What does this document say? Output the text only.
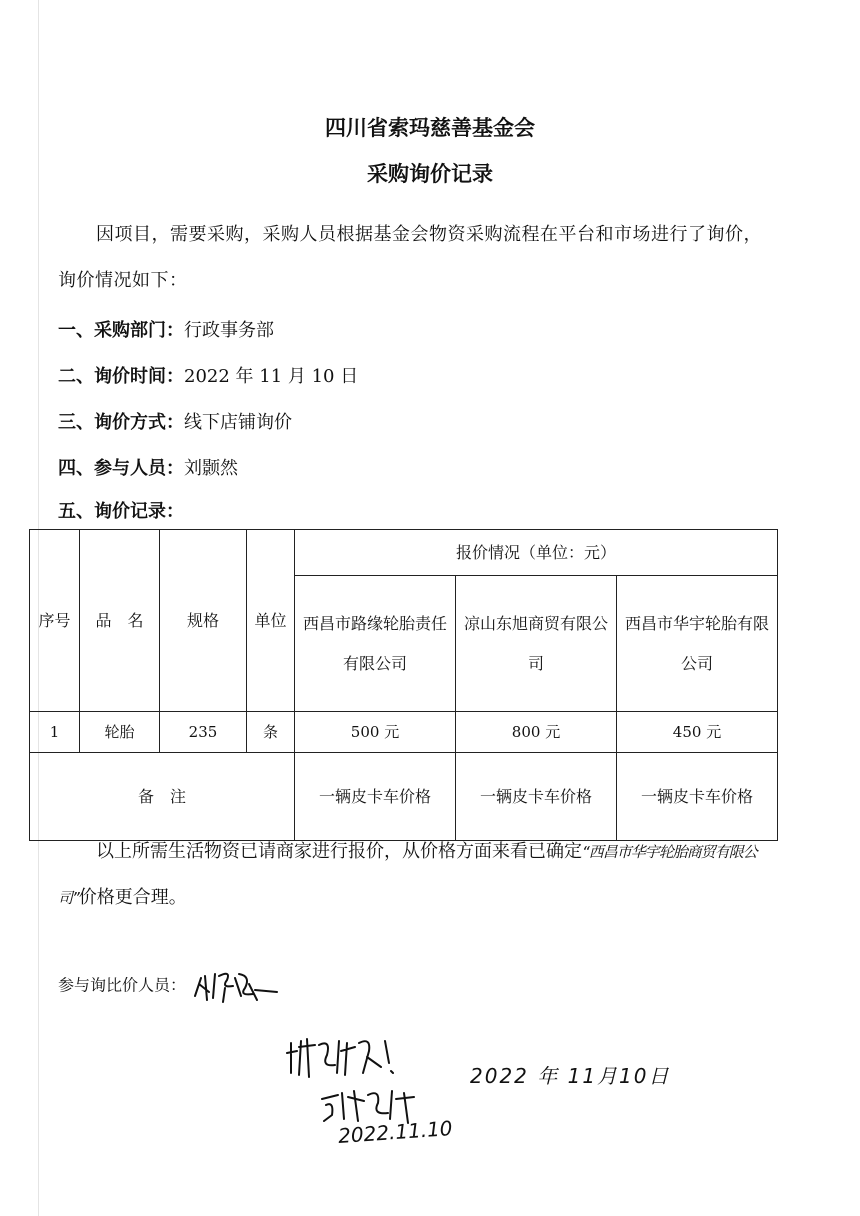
四川省索玛慈善基金会
采购询价记录
因项目，需要采购，采购人员根据基金会物资采购流程在平台和市场进行了询价，询价情况如下：
一、采购部门：行政事务部
二、询价时间：2022 年 11 月 10 日
三、询价方式：线下店铺询价
四、参与人员：刘颢然
五、询价记录：
序号	品　名	规格	单位	报价情况（单位：元）		
				西昌市路缘轮胎责任有限公司	凉山东旭商贸有限公司	西昌市华宇轮胎有限公司
1	轮胎	235	条	500 元	800 元	450 元
备　注				一辆皮卡车价格	一辆皮卡车价格	一辆皮卡车价格
以上所需生活物资已请商家进行报价，从价格方面来看已确定“西昌市华宇轮胎商贸有限公司”价格更合理。
参与询比价人员：
2022 年 11月10日
2022.11.10
